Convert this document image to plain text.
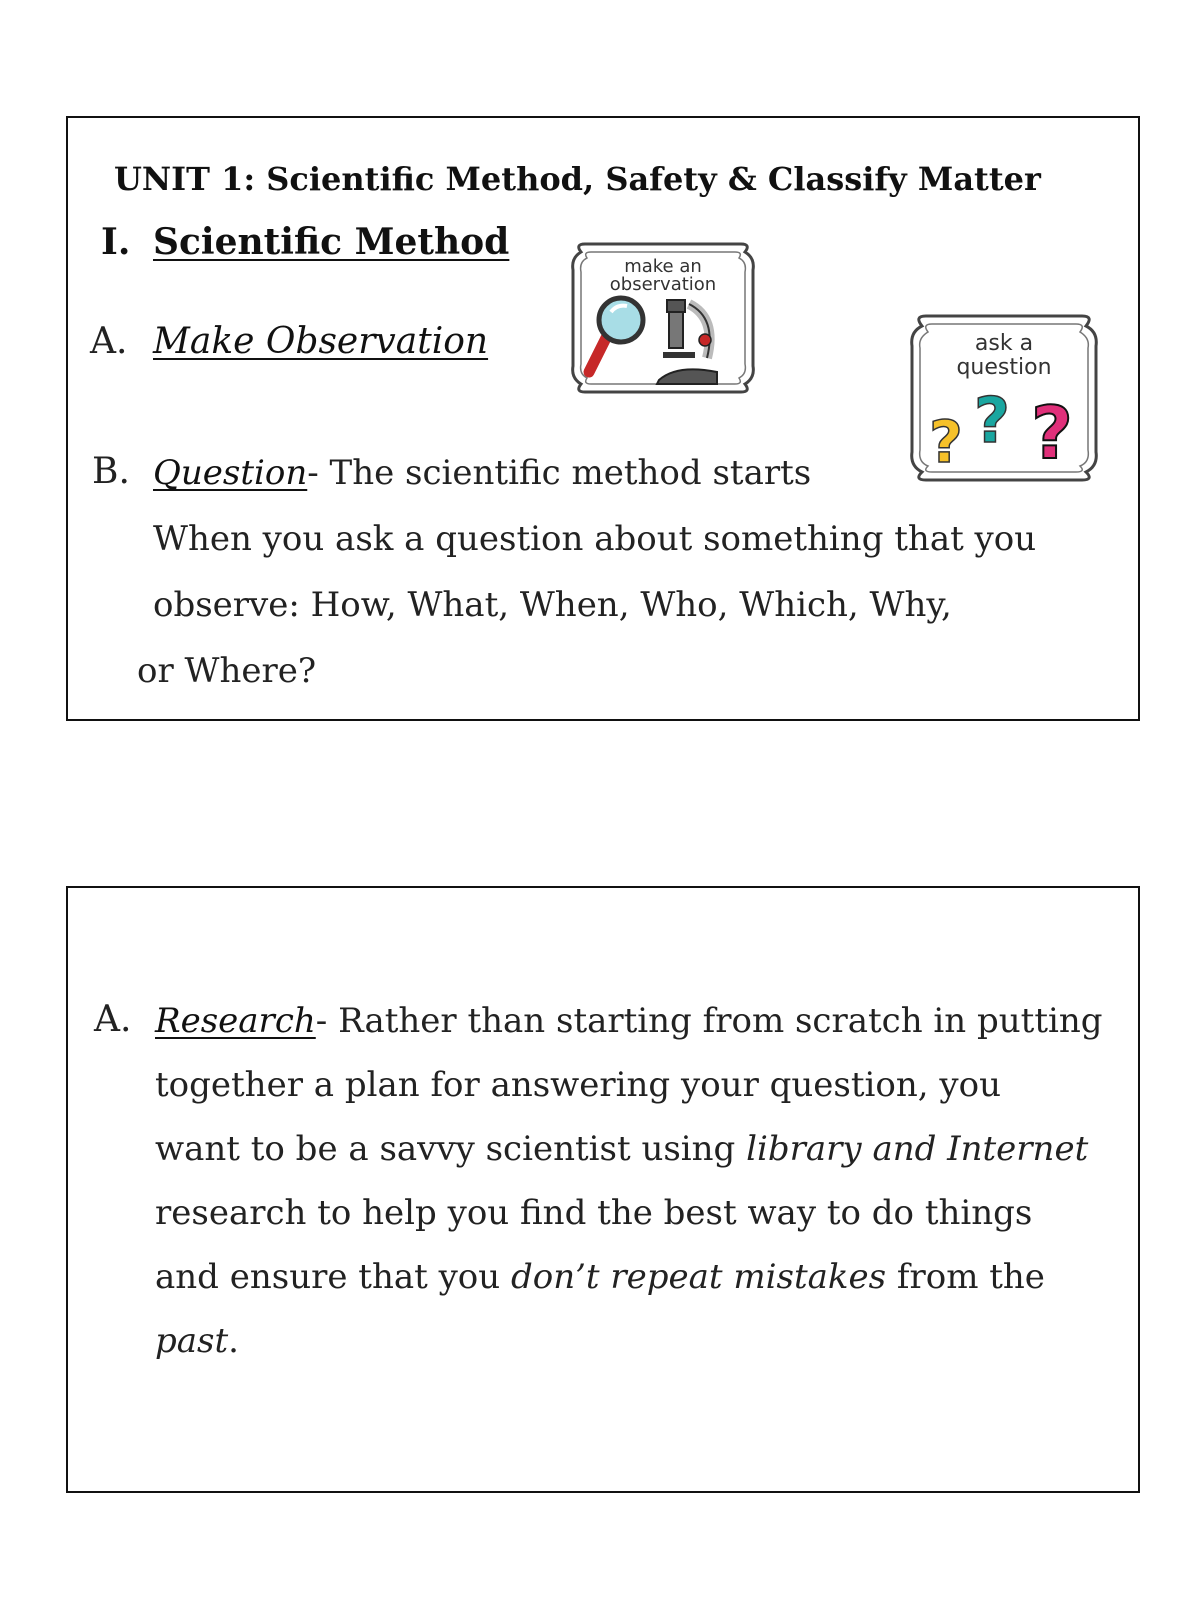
UNIT 1: Scientific Method, Safety & Classify Matter
I. Scientific Method
A. Make Observation
B. Question- The scientific method starts
When you ask a question about something that you
observe: How, What, When, Who, Which, Why,
or Where?
make an
observation
ask a
question
? ? ?
A. Research- Rather than starting from scratch in putting
together a plan for answering your question, you
want to be a savvy scientist using library and Internet
research to help you find the best way to do things
and ensure that you don’t repeat mistakes from the
past.
